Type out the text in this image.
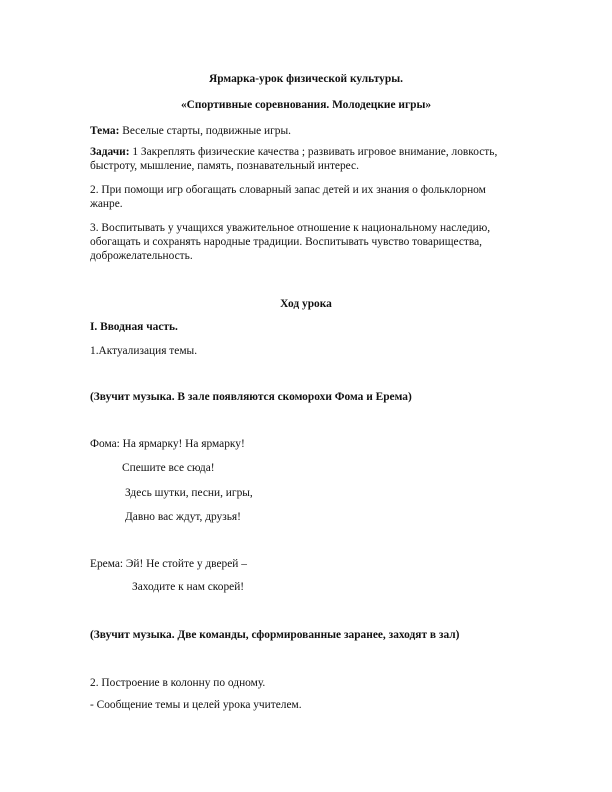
Ярмарка-урок физической культуры.
«Спортивные соревнования. Молодецкие игры»
Тема: Веселые старты, подвижные игры.
Задачи: 1 Закреплять физические качества ; развивать игровое внимание, ловкость,
быстроту, мышление, память, познавательный интерес.
2. При помощи игр обогащать словарный запас детей и их знания о фольклорном
жанре.
3. Воспитывать у учащихся уважительное отношение к национальному наследию,
обогащать и сохранять народные традиции. Воспитывать чувство товарищества,
доброжелательность.
Ход урока
I. Вводная часть.
1.Актуализация темы.
(Звучит музыка. В зале появляются скоморохи Фома и Ерема)
Фома: На ярмарку! На ярмарку!
Спешите все сюда!
Здесь шутки, песни, игры,
Давно вас ждут, друзья!
Ерема: Эй! Не стойте у дверей –
Заходите к нам скорей!
(Звучит музыка. Две команды, сформированные заранее, заходят в зал)
2. Построение в колонну по одному.
- Сообщение темы и целей урока учителем.
